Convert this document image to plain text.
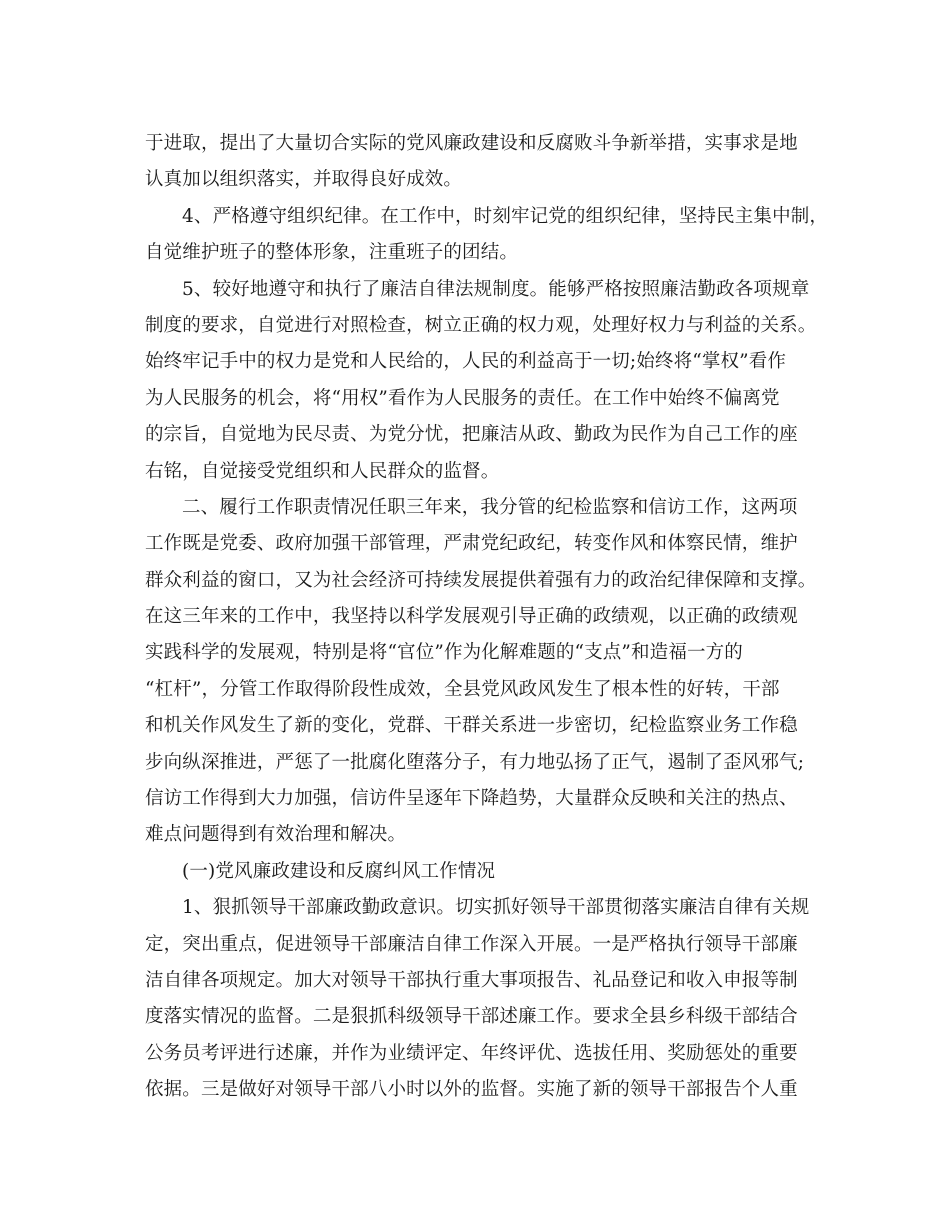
于进取，提出了大量切合实际的党风廉政建设和反腐败斗争新举措，实事求是地
认真加以组织落实，并取得良好成效。
4、严格遵守组织纪律。在工作中，时刻牢记党的组织纪律，坚持民主集中制，
自觉维护班子的整体形象，注重班子的团结。
5、较好地遵守和执行了廉洁自律法规制度。能够严格按照廉洁勤政各项规章
制度的要求，自觉进行对照检查，树立正确的权力观，处理好权力与利益的关系。
始终牢记手中的权力是党和人民给的，人民的利益高于一切;始终将“掌权”看作
为人民服务的机会，将“用权”看作为人民服务的责任。在工作中始终不偏离党
的宗旨，自觉地为民尽责、为党分忧，把廉洁从政、勤政为民作为自己工作的座
右铭，自觉接受党组织和人民群众的监督。
二、履行工作职责情况任职三年来，我分管的纪检监察和信访工作，这两项
工作既是党委、政府加强干部管理，严肃党纪政纪，转变作风和体察民情，维护
群众利益的窗口，又为社会经济可持续发展提供着强有力的政治纪律保障和支撑。
在这三年来的工作中，我坚持以科学发展观引导正确的政绩观，以正确的政绩观
实践科学的发展观，特别是将“官位”作为化解难题的“支点”和造福一方的
“杠杆”，分管工作取得阶段性成效，全县党风政风发生了根本性的好转，干部
和机关作风发生了新的变化，党群、干群关系进一步密切，纪检监察业务工作稳
步向纵深推进，严惩了一批腐化堕落分子，有力地弘扬了正气，遏制了歪风邪气;
信访工作得到大力加强，信访件呈逐年下降趋势，大量群众反映和关注的热点、
难点问题得到有效治理和解决。
(一)党风廉政建设和反腐纠风工作情况
1、狠抓领导干部廉政勤政意识。切实抓好领导干部贯彻落实廉洁自律有关规
定，突出重点，促进领导干部廉洁自律工作深入开展。一是严格执行领导干部廉
洁自律各项规定。加大对领导干部执行重大事项报告、礼品登记和收入申报等制
度落实情况的监督。二是狠抓科级领导干部述廉工作。要求全县乡科级干部结合
公务员考评进行述廉，并作为业绩评定、年终评优、选拔任用、奖励惩处的重要
依据。三是做好对领导干部八小时以外的监督。实施了新的领导干部报告个人重
